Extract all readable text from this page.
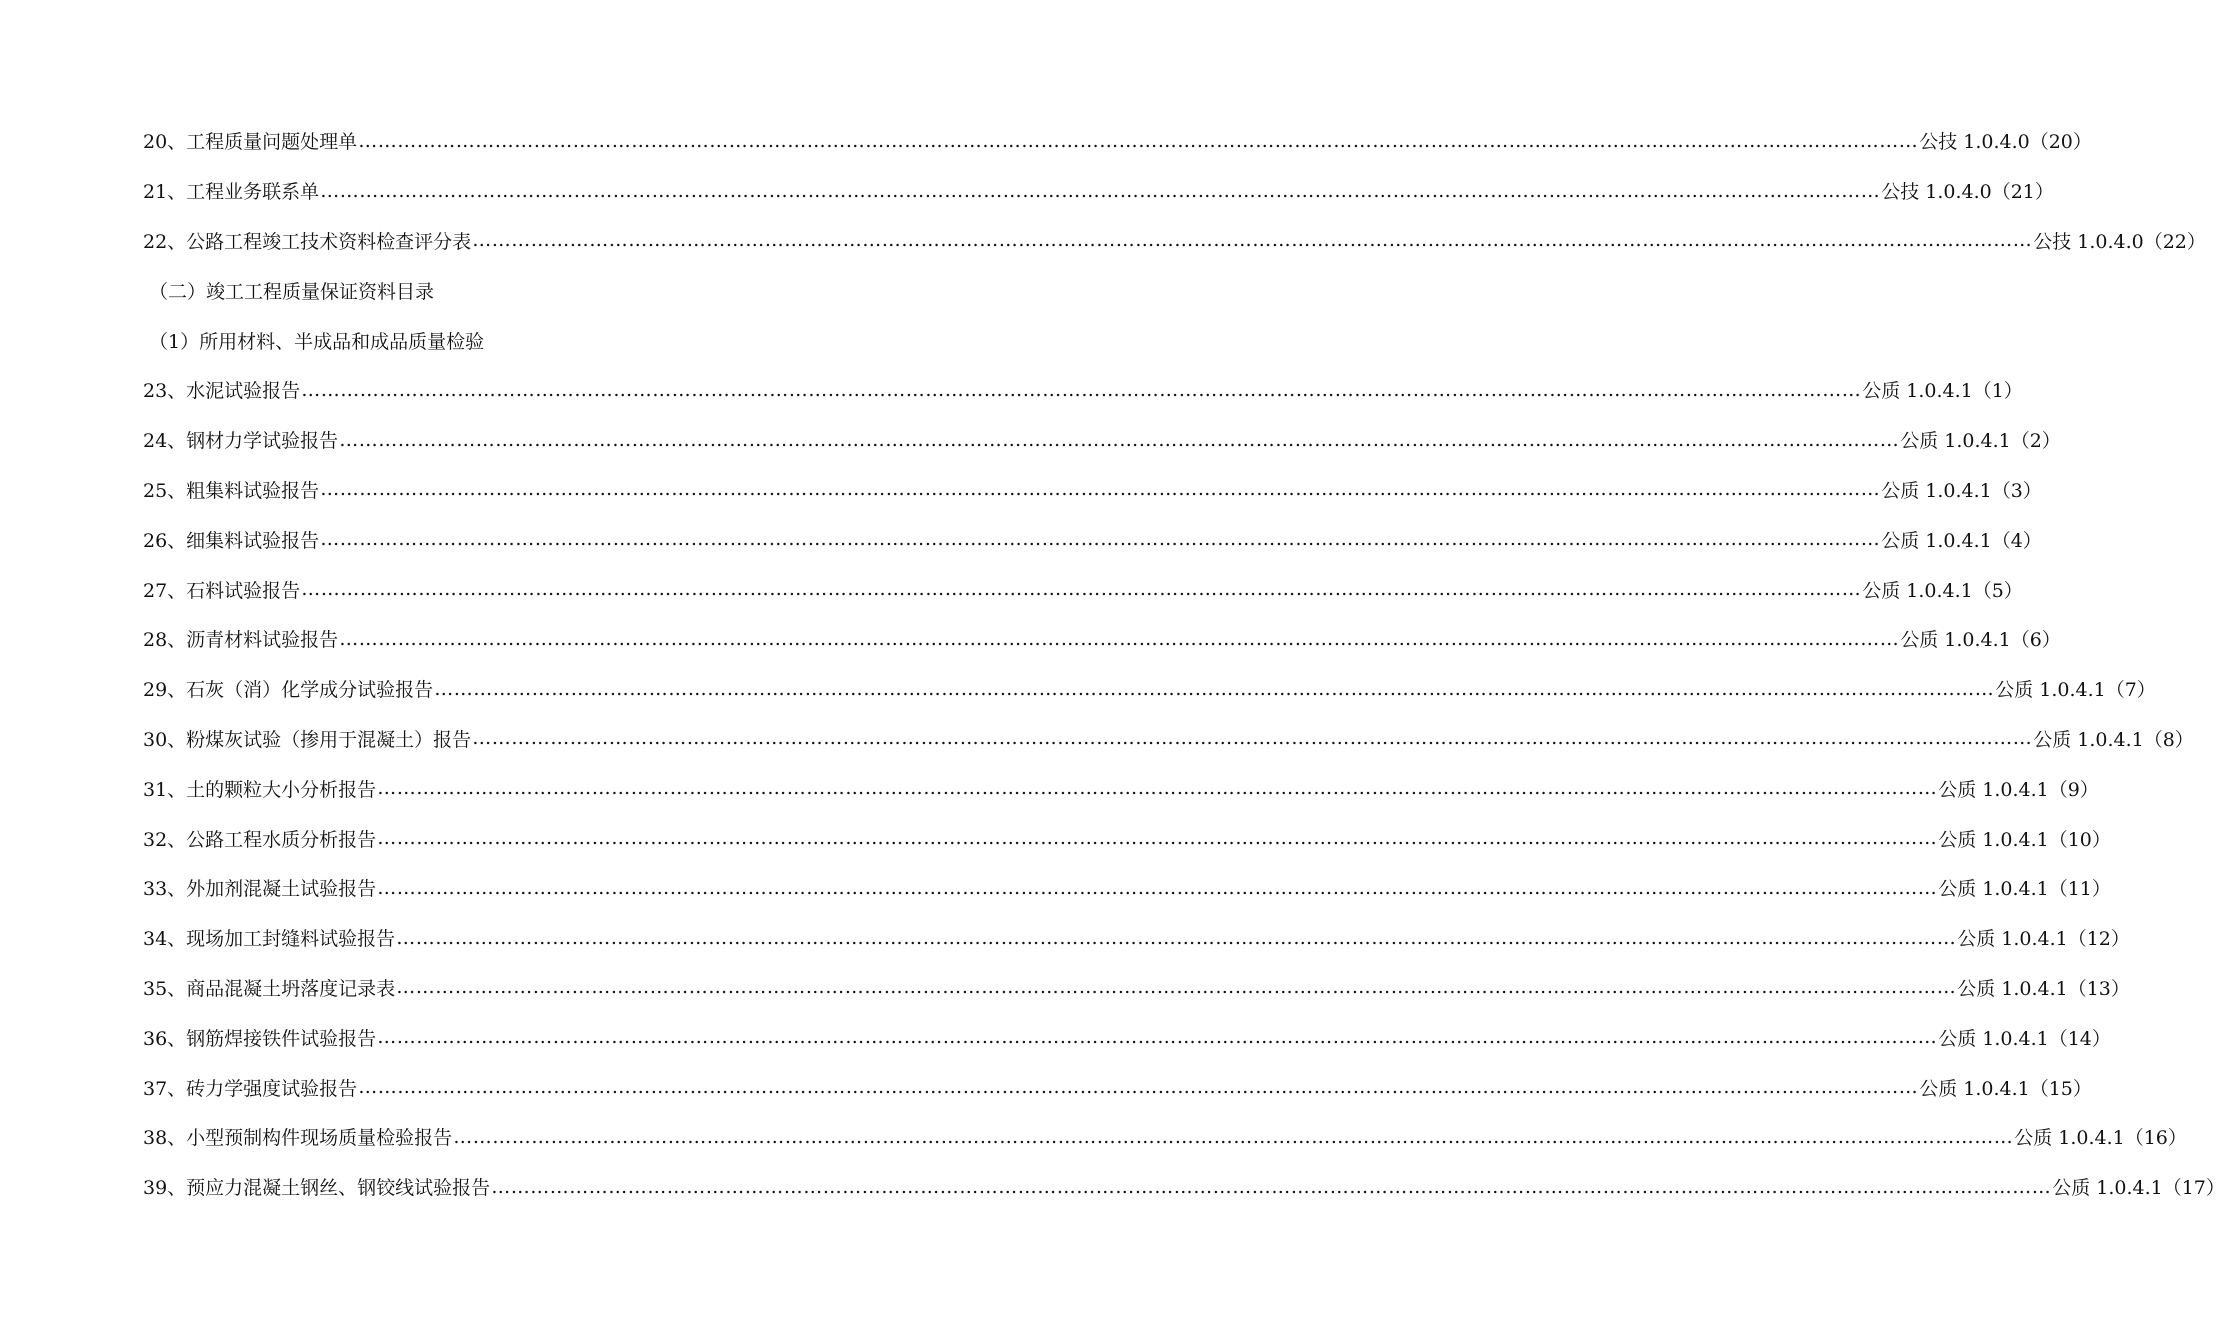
20、工程质量问题处理单 …………………………………………………………………………………………………………………………………………………………………………………………………………………… 公技 1.0.4.0（20）
21、工程业务联系单 …………………………………………………………………………………………………………………………………………………………………………………………………………………… 公技 1.0.4.0（21）
22、公路工程竣工技术资料检查评分表 …………………………………………………………………………………………………………………………………………………………………………………………………………………… 公技 1.0.4.0（22）
（二）竣工工程质量保证资料目录
（1）所用材料、半成品和成品质量检验
23、水泥试验报告 …………………………………………………………………………………………………………………………………………………………………………………………………………………… 公质 1.0.4.1（1）
24、钢材力学试验报告 …………………………………………………………………………………………………………………………………………………………………………………………………………………… 公质 1.0.4.1（2）
25、粗集料试验报告 …………………………………………………………………………………………………………………………………………………………………………………………………………………… 公质 1.0.4.1（3）
26、细集料试验报告 …………………………………………………………………………………………………………………………………………………………………………………………………………………… 公质 1.0.4.1（4）
27、石料试验报告 …………………………………………………………………………………………………………………………………………………………………………………………………………………… 公质 1.0.4.1（5）
28、沥青材料试验报告 …………………………………………………………………………………………………………………………………………………………………………………………………………………… 公质 1.0.4.1（6）
29、石灰（消）化学成分试验报告 …………………………………………………………………………………………………………………………………………………………………………………………………………………… 公质 1.0.4.1（7）
30、粉煤灰试验（掺用于混凝土）报告 …………………………………………………………………………………………………………………………………………………………………………………………………………………… 公质 1.0.4.1（8）
31、土的颗粒大小分析报告 …………………………………………………………………………………………………………………………………………………………………………………………………………………… 公质 1.0.4.1（9）
32、公路工程水质分析报告 …………………………………………………………………………………………………………………………………………………………………………………………………………………… 公质 1.0.4.1（10）
33、外加剂混凝土试验报告 …………………………………………………………………………………………………………………………………………………………………………………………………………………… 公质 1.0.4.1（11）
34、现场加工封缝料试验报告 …………………………………………………………………………………………………………………………………………………………………………………………………………………… 公质 1.0.4.1（12）
35、商品混凝土坍落度记录表 …………………………………………………………………………………………………………………………………………………………………………………………………………………… 公质 1.0.4.1（13）
36、钢筋焊接铁件试验报告 …………………………………………………………………………………………………………………………………………………………………………………………………………………… 公质 1.0.4.1（14）
37、砖力学强度试验报告 …………………………………………………………………………………………………………………………………………………………………………………………………………………… 公质 1.0.4.1（15）
38、小型预制构件现场质量检验报告 …………………………………………………………………………………………………………………………………………………………………………………………………………………… 公质 1.0.4.1（16）
39、预应力混凝土钢丝、钢铰线试验报告 …………………………………………………………………………………………………………………………………………………………………………………………………………………… 公质 1.0.4.1（17）
